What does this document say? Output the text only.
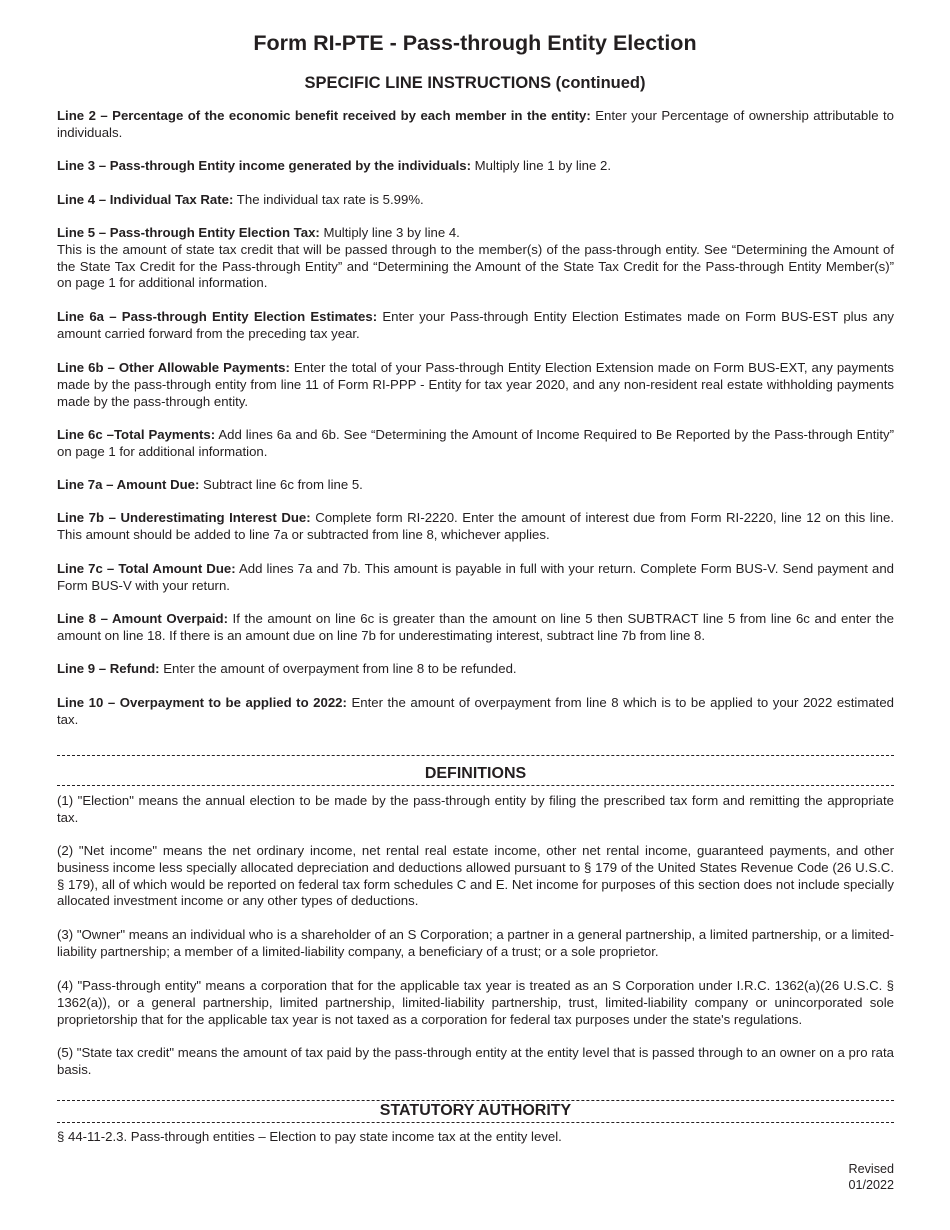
Form RI-PTE - Pass-through Entity Election
SPECIFIC LINE INSTRUCTIONS (continued)

Line 2 – Percentage of the economic benefit received by each member in the entity: Enter your Percentage of ownership attributable to individuals.

Line 3 – Pass-through Entity income generated by the individuals: Multiply line 1 by line 2.

Line 4 – Individual Tax Rate: The individual tax rate is 5.99%.

Line 5 – Pass-through Entity Election Tax: Multiply line 3 by line 4.
This is the amount of state tax credit that will be passed through to the member(s) of the pass-through entity. See “Determining the Amount of the State Tax Credit for the Pass-through Entity” and “Determining the Amount of the State Tax Credit for the Pass-through Entity Member(s)” on page 1 for additional information.

Line 6a – Pass-through Entity Election Estimates: Enter your Pass-through Entity Election Estimates made on Form BUS-EST plus any amount carried forward from the preceding tax year.

Line 6b – Other Allowable Payments: Enter the total of your Pass-through Entity Election Extension made on Form BUS-EXT, any payments made by the pass-through entity from line 11 of Form RI-PPP - Entity for tax year 2020, and any non-resident real estate withholding payments made by the pass-through entity.

Line 6c –Total Payments: Add lines 6a and 6b. See “Determining the Amount of Income Required to Be Reported by the Pass-through Entity” on page 1 for additional information.

Line 7a – Amount Due: Subtract line 6c from line 5.

Line 7b – Underestimating Interest Due: Complete form RI-2220. Enter the amount of interest due from Form RI-2220, line 12 on this line. This amount should be added to line 7a or subtracted from line 8, whichever applies.

Line 7c – Total Amount Due: Add lines 7a and 7b. This amount is payable in full with your return. Complete Form BUS-V. Send payment and Form BUS-V with your return.

Line 8 – Amount Overpaid: If the amount on line 6c is greater than the amount on line 5 then SUBTRACT line 5 from line 6c and enter the amount on line 18. If there is an amount due on line 7b for underestimating interest, subtract line 7b from line 8.

Line 9 – Refund: Enter the amount of overpayment from line 8 to be refunded.

Line 10 – Overpayment to be applied to 2022: Enter the amount of overpayment from line 8 which is to be applied to your 2022 estimated tax.

DEFINITIONS

(1) "Election" means the annual election to be made by the pass-through entity by filing the prescribed tax form and remitting the appropriate tax.

(2) "Net income" means the net ordinary income, net rental real estate income, other net rental income, guaranteed payments, and other business income less specially allocated depreciation and deductions allowed pursuant to § 179 of the United States Revenue Code (26 U.S.C. § 179), all of which would be reported on federal tax form schedules C and E. Net income for purposes of this section does not include specially allocated investment income or any other types of deductions.

(3) "Owner" means an individual who is a shareholder of an S Corporation; a partner in a general partnership, a limited partnership, or a limited-liability partnership; a member of a limited-liability company, a beneficiary of a trust; or a sole proprietor.

(4) "Pass-through entity" means a corporation that for the applicable tax year is treated as an S Corporation under I.R.C. 1362(a)(26 U.S.C. § 1362(a)), or a general partnership, limited partnership, limited-liability partnership, trust, limited-liability company or unincorporated sole proprietorship that for the applicable tax year is not taxed as a corporation for federal tax purposes under the state's regulations.

(5) "State tax credit" means the amount of tax paid by the pass-through entity at the entity level that is passed through to an owner on a pro rata basis.

STATUTORY AUTHORITY

§ 44-11-2.3. Pass-through entities – Election to pay state income tax at the entity level.

Revised
01/2022
